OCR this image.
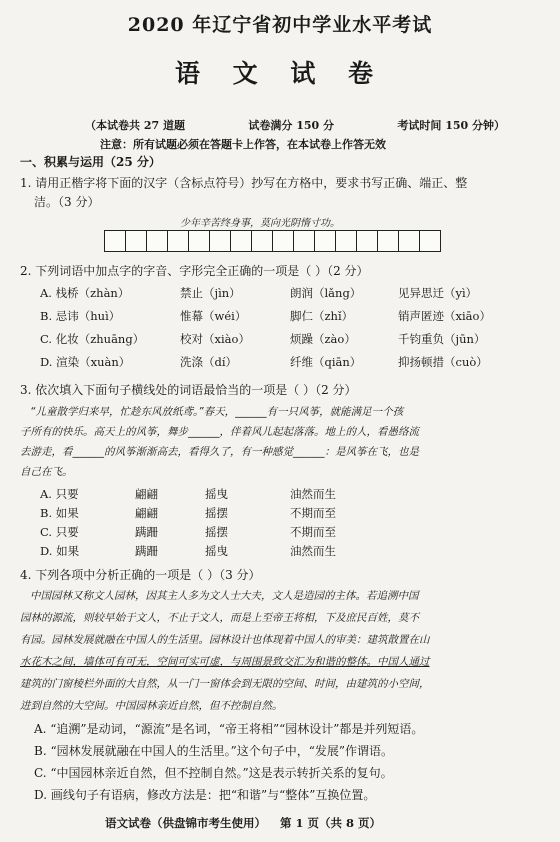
2020 年辽宁省初中学业水平考试
语 文 试 卷
（本试卷共 27 道题	试卷满分 150 分	考试时间 150 分钟）
注意：所有试题必须在答题卡上作答，在本试卷上作答无效
一、积累与运用（25 分）
1. 请用正楷字将下面的汉字（含标点符号）抄写在方格中，要求书写正确、端正、整
洁。（3 分）
少年辛苦终身事，莫向光阴惰寸功。
2. 下列词语中加点字的字音、字形完全正确的一项是（ ）（2 分）
A. 栈桥（zhàn）	禁止（jìn）	朗润（lǎng）	见异思迁（yì）
B. 忌讳（huì）	惟幕（wéi）	脚仁（zhǐ）	销声匿迹（xiāo）
C. 化妆（zhuāng）	校对（xiào）	烦躁（zào）	千钧重负（jūn）
D. 渲染（xuàn）	洗涤（dí）	纤维（qiān）	抑扬顿措（cuò）
3. 依次填入下面句子横线处的词语最恰当的一项是（ ）（2 分）
“儿童散学归来早，忙趁东风放纸鸢。”春天，______有一只风筝，就能满足一个孩
子所有的快乐。高天上的风筝，舞步______，伴着风儿起起落落。地上的人，看愚络流
去游走，看______的风筝渐渐高去，看得久了，有一种感觉______：是风筝在飞，也是
自己在飞。
A. 只要	翩翩	摇曳	油然而生
B. 如果	翩翩	摇摆	不期而至
C. 只要	蹒跚	摇摆	不期而至
D. 如果	蹒跚	摇曳	油然而生
4. 下列各项中分析正确的一项是（ ）（3 分）
中国园林又称文人园林，因其主人多为文人士大夫，文人是造园的主体。若追溯中国
园林的源流，则较早始于文人，不止于文人，而是上至帝王将相，下及庶民百姓，莫不
有园。园林发展就融在中国人的生活里。园林设计也体现着中国人的审美：建筑散置在山
水花木之间，墙体可有可无，空间可实可虚，与周围景致交汇为和谐的整体。中国人通过
建筑的门窗棱栏外面的大自然，从一门一窗体会到无限的空间、时间，由建筑的小空间，
进到自然的大空间。中国园林亲近自然，但不控制自然。
A. “追溯”是动词，“源流”是名词，“帝王将相”“园林设计”都是并列短语。
B. “园林发展就融在中国人的生活里。”这个句子中，“发展”作谓语。
C. “中国园林亲近自然，但不控制自然。”这是表示转折关系的复句。
D. 画线句子有语病，修改方法是：把“和谐”与“整体”互换位置。
语文试卷（供盘锦市考生使用） 第 1 页（共 8 页）
